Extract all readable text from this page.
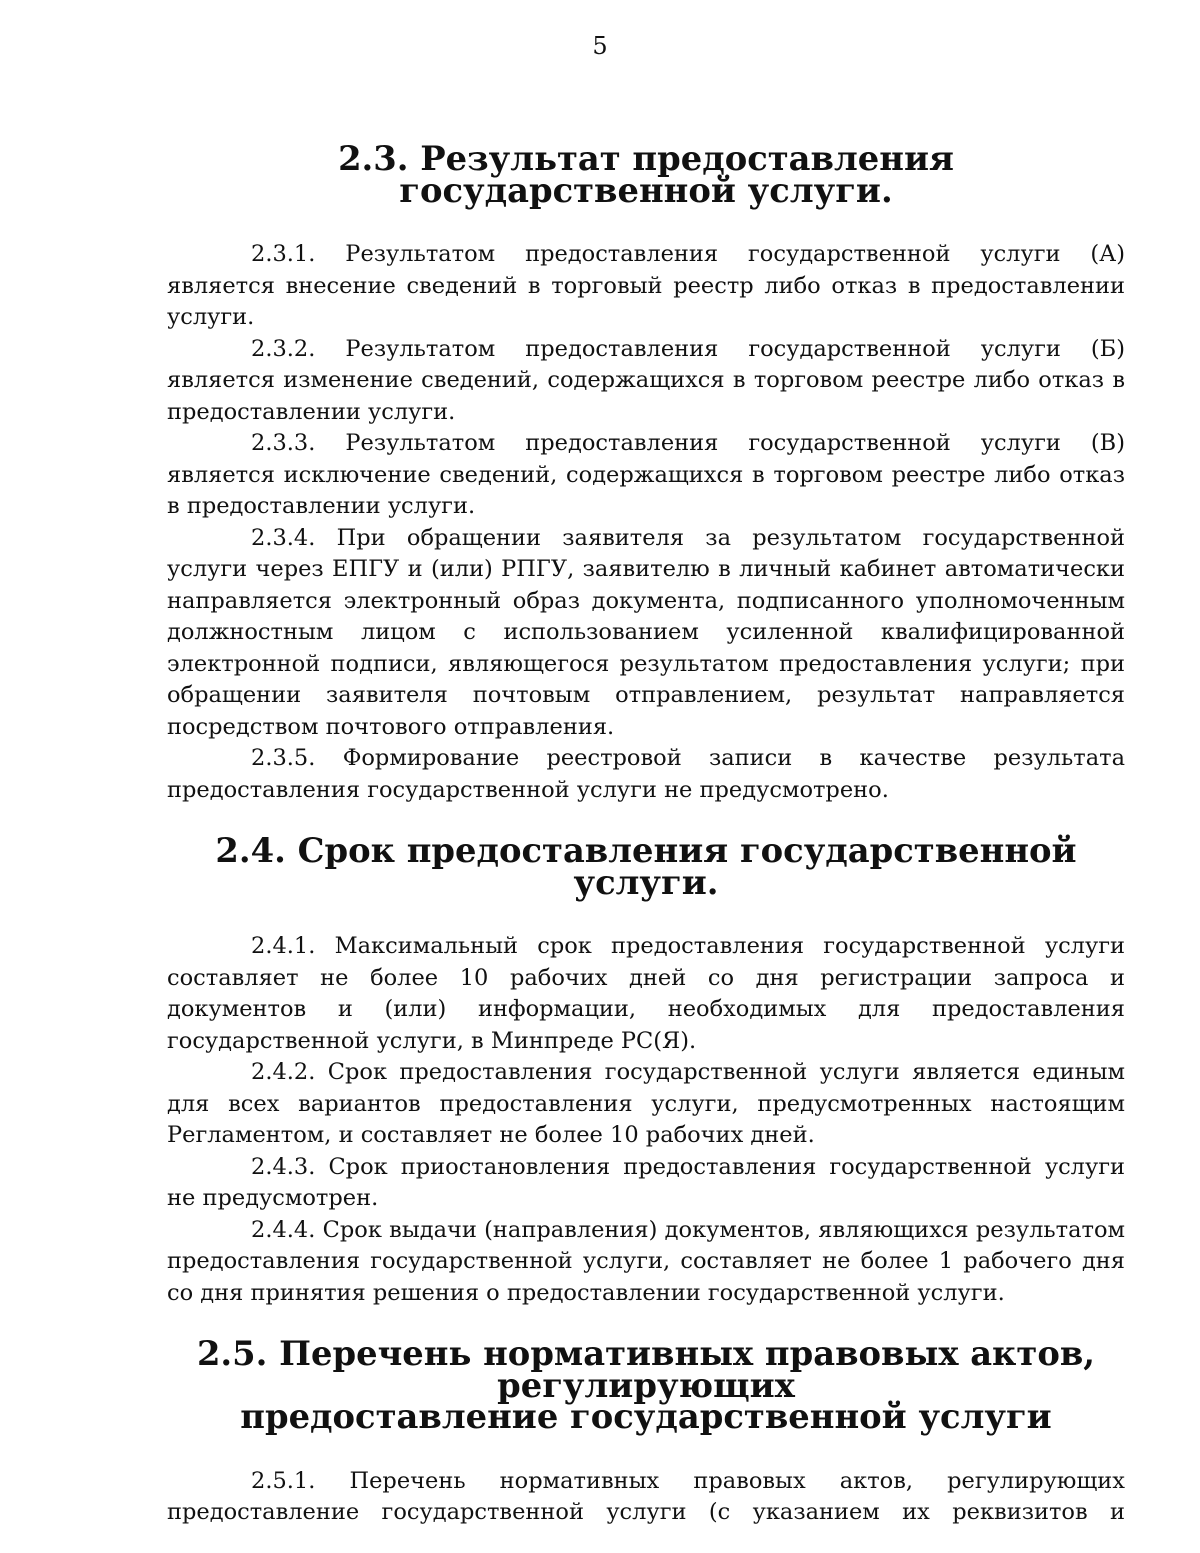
5
2.3. Результат предоставления государственной услуги.

2.3.1. Результатом предоставления государственной услуги (А) является внесение сведений в торговый реестр либо отказ в предоставлении услуги.

2.3.2. Результатом предоставления государственной услуги (Б) является изменение сведений, содержащихся в торговом реестре либо отказ в предоставлении услуги.

2.3.3. Результатом предоставления государственной услуги (В) является исключение сведений, содержащихся в торговом реестре либо отказ в предоставлении услуги.

2.3.4. При обращении заявителя за результатом государственной услуги через ЕПГУ и (или) РПГУ, заявителю в личный кабинет автоматически направляется электронный образ документа, подписанного уполномоченным должностным лицом с использованием усиленной квалифицированной электронной подписи, являющегося результатом предоставления услуги; при обращении заявителя почтовым отправлением, результат направляется посредством почтового отправления.

2.3.5. Формирование реестровой записи в качестве результата предоставления государственной услуги не предусмотрено.

2.4. Срок предоставления государственной услуги.

2.4.1. Максимальный срок предоставления государственной услуги составляет не более 10 рабочих дней со дня регистрации запроса и документов и (или) информации, необходимых для предоставления государственной услуги, в Минпреде РС(Я).

2.4.2. Срок предоставления государственной услуги является единым для всех вариантов предоставления услуги, предусмотренных настоящим Регламентом, и составляет не более 10 рабочих дней.

2.4.3. Срок приостановления предоставления государственной услуги не предусмотрен.

2.4.4. Срок выдачи (направления) документов, являющихся результатом предоставления государственной услуги, составляет не более 1 рабочего дня со дня принятия решения о предоставлении государственной услуги.

2.5. Перечень нормативных правовых актов, регулирующих
предоставление государственной услуги

2.5.1. Перечень нормативных правовых актов, регулирующих предоставление государственной услуги (с указанием их реквизитов и
